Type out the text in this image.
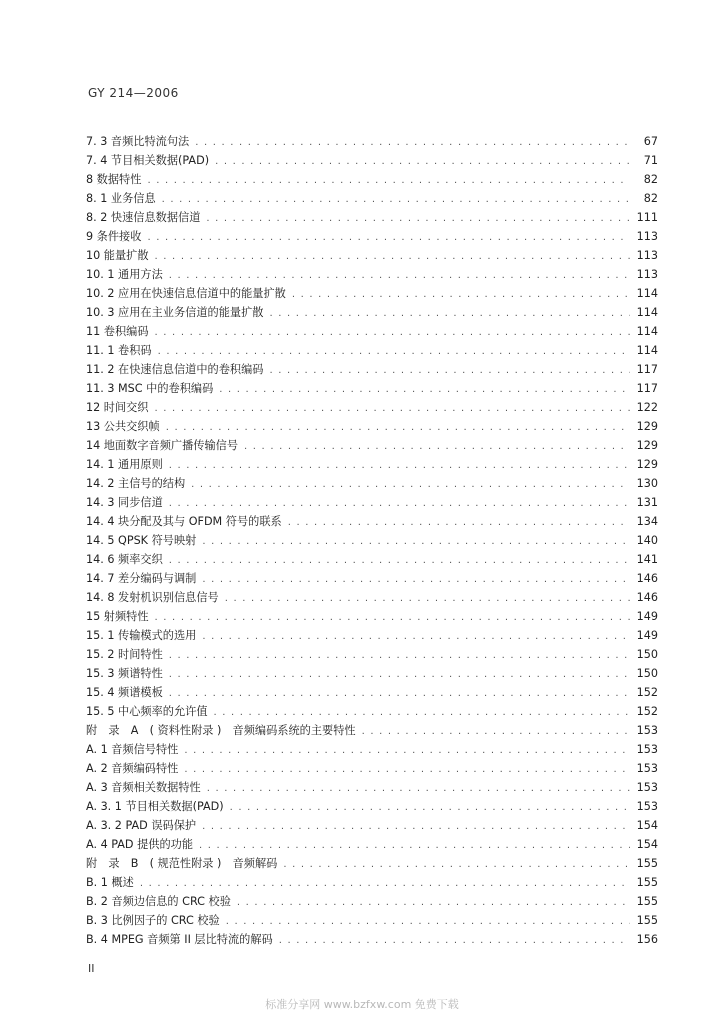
GY 214—2006
7. 3 音频比特流句法 . . .	67
7. 4 节目相关数据(PAD) . . .	71
8 数据特性 . . .	82
8. 1 业务信息 . . .	82
8. 2 快速信息数据信道 . . .	111
9 条件接收 . . .	113
10 能量扩散 . . .	113
10. 1 通用方法 . . .	113
10. 2 应用在快速信息信道中的能量扩散 . . .	114
10. 3 应用在主业务信道的能量扩散 . . .	114
11 卷积编码 . . .	114
11. 1 卷积码 . . .	114
11. 2 在快速信息信道中的卷积编码 . . .	117
11. 3 MSC 中的卷积编码 . . .	117
12 时间交织 . . .	122
13 公共交织帧 . . .	129
14 地面数字音频广播传输信号 . . .	129
14. 1 通用原则 . . .	129
14. 2 主信号的结构 . . .	130
14. 3 同步信道 . . .	131
14. 4 块分配及其与 OFDM 符号的联系 . . .	134
14. 5 QPSK 符号映射 . . .	140
14. 6 频率交织 . . .	141
14. 7 差分编码与调制 . . .	146
14. 8 发射机识别信息信号 . . .	146
15 射频特性 . . .	149
15. 1 传输模式的选用 . . .	149
15. 2 时间特性 . . .	150
15. 3 频谱特性 . . .	150
15. 4 频谱模板 . . .	152
15. 5 中心频率的允许值 . . .	152
附　录　A　( 资料性附录 )　音频编码系统的主要特性 . . .	153
A. 1 音频信号特性 . . .	153
A. 2 音频编码特性 . . .	153
A. 3 音频相关数据特性 . . .	153
A. 3. 1 节目相关数据(PAD) . . .	153
A. 3. 2 PAD 误码保护 . . .	154
A. 4 PAD 提供的功能 . . .	154
附　录　B　( 规范性附录 )　音频解码 . . .	155
B. 1 概述 . . .	155
B. 2 音频边信息的 CRC 校验 . . .	155
B. 3 比例因子的 CRC 校验 . . .	155
B. 4 MPEG 音频第 II 层比特流的解码 . . .	156
II
标准分享网 www.bzfxw.com 免费下载
